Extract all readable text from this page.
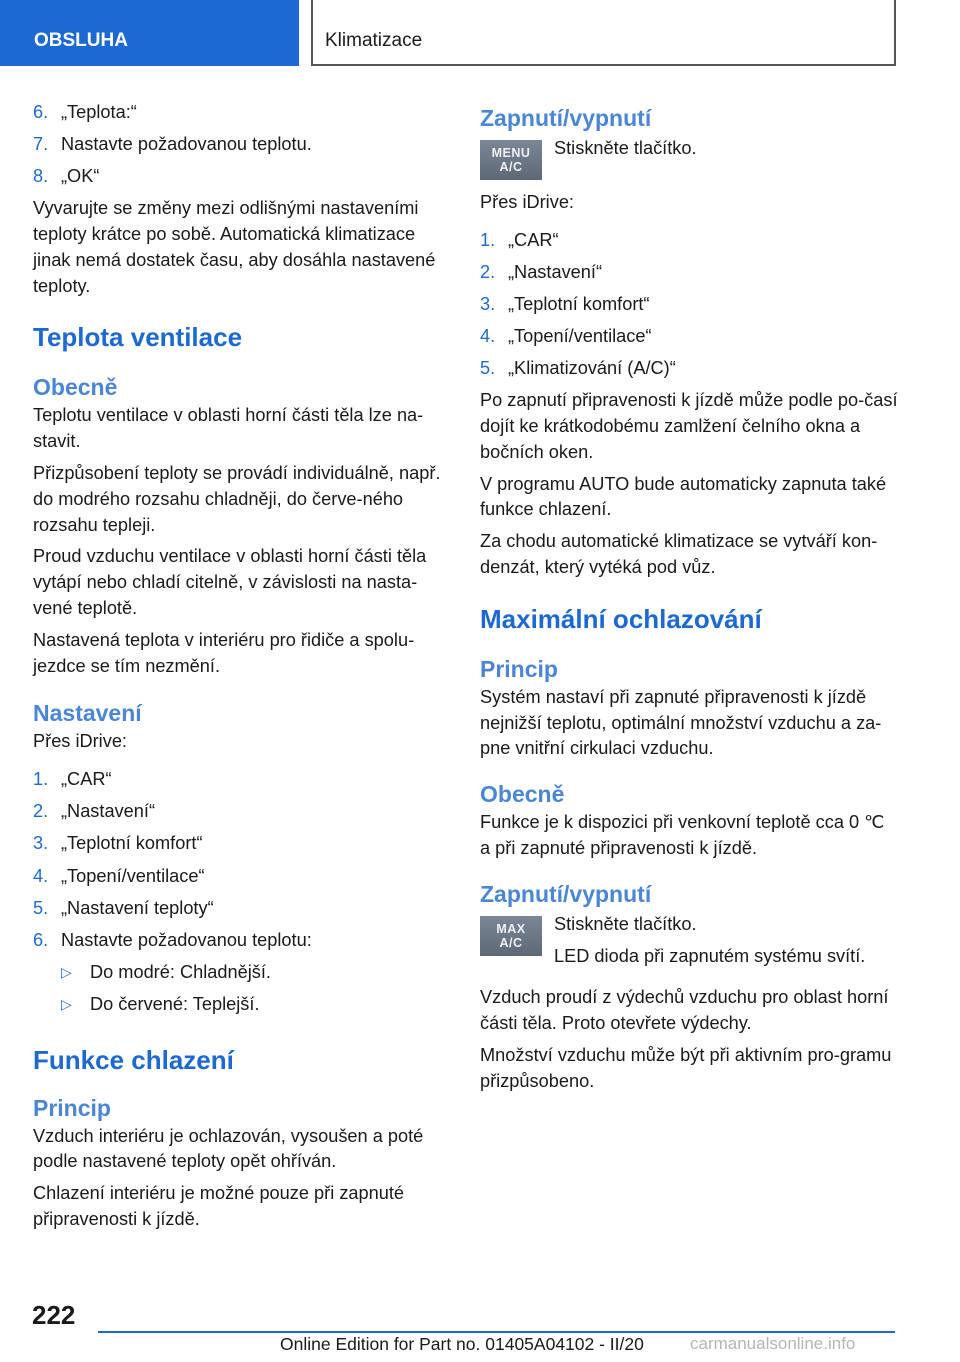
OBSLUHA	Klimatizace
6. „Teplota:“
7. Nastavte požadovanou teplotu.
8. „OK“

Vyvarujte se změny mezi odlišnými nastaveními teploty krátce po sobě. Automatická klimatizace jinak nemá dostatek času, aby dosáhla nastavené teploty.

Teplota ventilace
Obecně

Teplotu ventilace v oblasti horní části těla lze na-stavit.

Přizpůsobení teploty se provádí individuálně, např. do modrého rozsahu chladněji, do červe-ného rozsahu tepleji.

Proud vzduchu ventilace v oblasti horní části těla vytápí nebo chladí citelně, v závislosti na nasta-vené teplotě.

Nastavená teplota v interiéru pro řidiče a spolu-jezdce se tím nezmění.

Nastavení

Přes iDrive:

1. „CAR“
2. „Nastavení“
3. „Teplotní komfort“
4. „Topení/ventilace“
5. „Nastavení teploty“
6. Nastavte požadovanou teplotu:
▷ Do modré: Chladnější.
▷ Do červené: Teplejší.
Funkce chlazení
Princip

Vzduch interiéru je ochlazován, vysoušen a poté podle nastavené teploty opět ohříván.

Chlazení interiéru je možné pouze při zapnuté připravenosti k jízdě.

Zapnutí/vypnutí
MENU
A/C

Stiskněte tlačítko.

Přes iDrive:

1. „CAR“
2. „Nastavení“
3. „Teplotní komfort“
4. „Topení/ventilace“
5. „Klimatizování (A/C)“

Po zapnutí připravenosti k jízdě může podle po-časí dojít ke krátkodobému zamlžení čelního okna a bočních oken.

V programu AUTO bude automaticky zapnuta také funkce chlazení.

Za chodu automatické klimatizace se vytváří kon-denzát, který vytéká pod vůz.

Maximální ochlazování
Princip

Systém nastaví při zapnuté připravenosti k jízdě nejnižší teplotu, optimální množství vzduchu a za-pne vnitřní cirkulaci vzduchu.

Obecně

Funkce je k dispozici při venkovní teplotě cca 0 ℃ a při zapnuté připravenosti k jízdě.

Zapnutí/vypnutí
MAX
A/C

Stiskněte tlačítko.

LED dioda při zapnutém systému svítí.

Vzduch proudí z výdechů vzduchu pro oblast horní části těla. Proto otevřete výdechy.

Množství vzduchu může být při aktivním pro-gramu přizpůsobeno.

222
Online Edition for Part no. 01405A04102 - II/20	carmanualsonline.info
